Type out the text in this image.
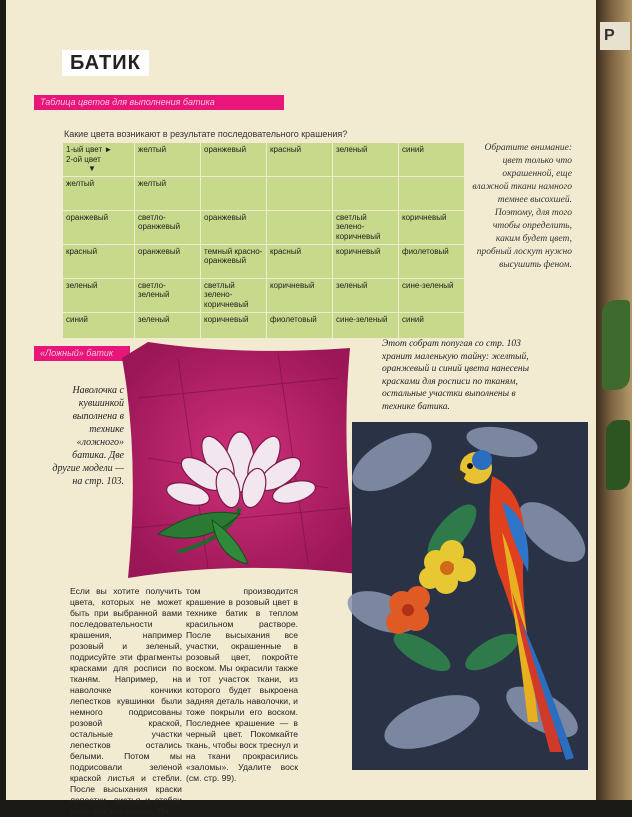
БАТИК
Таблица цветов для выполнения батика
Какие цвета возникают в результате последовательного крашения?
1-ый цвет ►
2-ой цвет
▼	желтый	оранжевый	красный	зеленый	синий
желтый	желтый				
оранжевый	светло-оранжевый	оранжевый		светлый зелено-коричневый	коричневый
красный	оранжевый	темный красно-оранжевый	красный	коричневый	фиолетовый
зеленый	светло-зеленый	светлый зелено-коричневый	коричневый	зеленый	сине-зеленый
синий	зеленый	коричневый	фиолетовый	сине-зеленый	синий
Обратите внимание: цвет только что окрашенной, еще влажной ткани намного темнее высохшей. Поэтому, для того чтобы определить, каким будет цвет, пробный лоскут нужно высушить феном.
«Ложный» батик
Наволочка с кувшинкой выполнена в технике «ложного» батика. Две другие модели — на стр. 103.
Этот собрат попугая со стр. 103 хранит маленькую тайну: желтый, оранжевый и синий цвета нанесены красками для росписи по тканям, остальные участки выполнены в технике батика.
Если вы хотите получить цвета, которых не может быть при выбранной вами последовательности крашения, например розовый и зеленый, подрисуйте эти фрагменты красками для росписи по тканям. Например, на наволочке кончики лепестков кувшинки были немного подрисованы розовой краской, остальные участки лепестков остались белыми. Потом мы подрисовали зеленой краской листья и стебли. После высыхания краски лепестки, листья и стебли покрываются воском. По-
том производится крашение в розовый цвет в технике батик в теплом красильном растворе. После высыхания все участки, окрашенные в розовый цвет, покройте воском. Мы окрасили также и тот участок ткани, из которого будет выкроена задняя деталь наволочки, и тоже покрыли его воском. Последнее крашение — в черный цвет. Покомкайте ткань, чтобы воск треснул и на ткани прокрасились «заломы». Удалите воск (см. стр. 99).
Р
